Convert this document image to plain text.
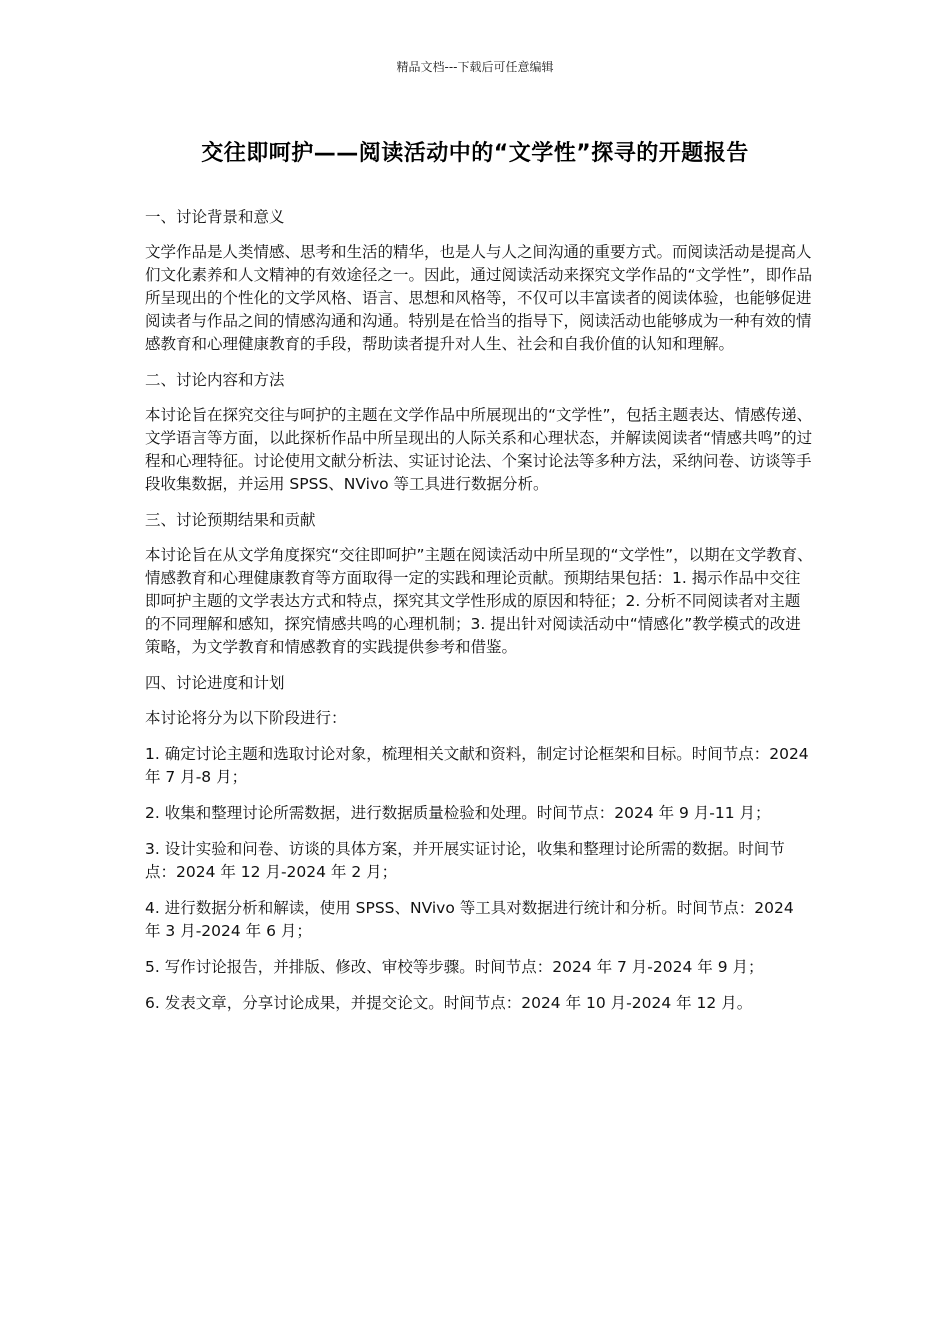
精品文档---下载后可任意编辑
交往即呵护——阅读活动中的“文学性”探寻的开题报告

一、讨论背景和意义

文学作品是人类情感、思考和生活的精华，也是人与人之间沟通的重要方式。而阅读活动是提高人们文化素养和人文精神的有效途径之一。因此，通过阅读活动来探究文学作品的“文学性”，即作品所呈现出的个性化的文学风格、语言、思想和风格等，不仅可以丰富读者的阅读体验，也能够促进阅读者与作品之间的情感沟通和沟通。特别是在恰当的指导下，阅读活动也能够成为一种有效的情感教育和心理健康教育的手段，帮助读者提升对人生、社会和自我价值的认知和理解。

二、讨论内容和方法

本讨论旨在探究交往与呵护的主题在文学作品中所展现出的“文学性”，包括主题表达、情感传递、文学语言等方面，以此探析作品中所呈现出的人际关系和心理状态，并解读阅读者“情感共鸣”的过程和心理特征。讨论使用文献分析法、实证讨论法、个案讨论法等多种方法，采纳问卷、访谈等手段收集数据，并运用 SPSS、NVivo 等工具进行数据分析。

三、讨论预期结果和贡献

本讨论旨在从文学角度探究“交往即呵护”主题在阅读活动中所呈现的“文学性”，以期在文学教育、情感教育和心理健康教育等方面取得一定的实践和理论贡献。预期结果包括：1. 揭示作品中交往即呵护主题的文学表达方式和特点，探究其文学性形成的原因和特征；2. 分析不同阅读者对主题的不同理解和感知，探究情感共鸣的心理机制；3. 提出针对阅读活动中“情感化”教学模式的改进策略，为文学教育和情感教育的实践提供参考和借鉴。

四、讨论进度和计划

本讨论将分为以下阶段进行：

1. 确定讨论主题和选取讨论对象，梳理相关文献和资料，制定讨论框架和目标。时间节点：2024 年 7 月-8 月；

2. 收集和整理讨论所需数据，进行数据质量检验和处理。时间节点：2024 年 9 月-11 月；

3. 设计实验和问卷、访谈的具体方案，并开展实证讨论，收集和整理讨论所需的数据。时间节点：2024 年 12 月-2024 年 2 月；

4. 进行数据分析和解读，使用 SPSS、NVivo 等工具对数据进行统计和分析。时间节点：2024 年 3 月-2024 年 6 月；

5. 写作讨论报告，并排版、修改、审校等步骤。时间节点：2024 年 7 月-2024 年 9 月；

6. 发表文章，分享讨论成果，并提交论文。时间节点：2024 年 10 月-2024 年 12 月。
